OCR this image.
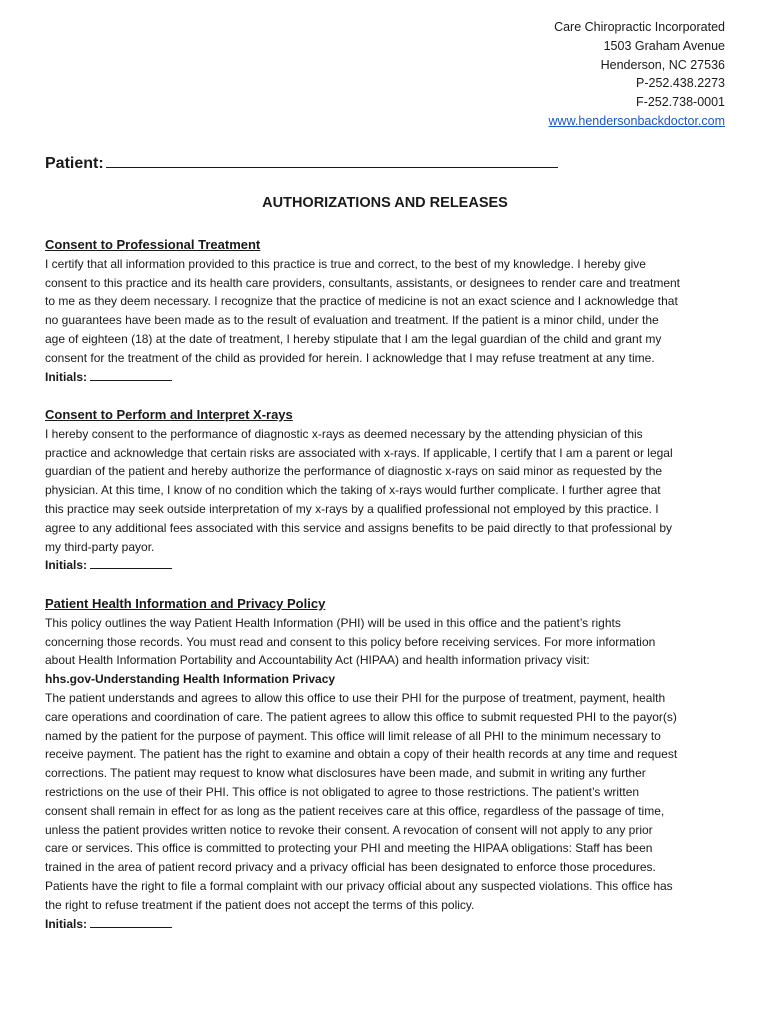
Care Chiropractic Incorporated
1503 Graham Avenue
Henderson, NC 27536
P-252.438.2273
F-252.738-0001
www.hendersonbackdoctor.com
Patient:
AUTHORIZATIONS AND RELEASES
Consent to Professional Treatment

I certify that all information provided to this practice is true and correct, to the best of my knowledge. I hereby give

consent to this practice and its health care providers, consultants, assistants, or designees to render care and treatment

to me as they deem necessary. I recognize that the practice of medicine is not an exact science and I acknowledge that

no guarantees have been made as to the result of evaluation and treatment. If the patient is a minor child, under the

age of eighteen (18) at the date of treatment, I hereby stipulate that I am the legal guardian of the child and grant my

consent for the treatment of the child as provided for herein. I acknowledge that I may refuse treatment at any time.

Initials:
Consent to Perform and Interpret X-rays

I hereby consent to the performance of diagnostic x-rays as deemed necessary by the attending physician of this

practice and acknowledge that certain risks are associated with x-rays. If applicable, I certify that I am a parent or legal

guardian of the patient and hereby authorize the performance of diagnostic x-rays on said minor as requested by the

physician. At this time, I know of no condition which the taking of x-rays would further complicate. I further agree that

this practice may seek outside interpretation of my x-rays by a qualified professional not employed by this practice. I

agree to any additional fees associated with this service and assigns benefits to be paid directly to that professional by

my third-party payor.

Initials:
Patient Health Information and Privacy Policy

This policy outlines the way Patient Health Information (PHI) will be used in this office and the patient’s rights

concerning those records. You must read and consent to this policy before receiving services. For more information

about Health Information Portability and Accountability Act (HIPAA) and health information privacy visit:

hhs.gov-Understanding Health Information Privacy

The patient understands and agrees to allow this office to use their PHI for the purpose of treatment, payment, health

care operations and coordination of care. The patient agrees to allow this office to submit requested PHI to the payor(s)

named by the patient for the purpose of payment. This office will limit release of all PHI to the minimum necessary to

receive payment. The patient has the right to examine and obtain a copy of their health records at any time and request

corrections. The patient may request to know what disclosures have been made, and submit in writing any further

restrictions on the use of their PHI. This office is not obligated to agree to those restrictions. The patient’s written

consent shall remain in effect for as long as the patient receives care at this office, regardless of the passage of time,

unless the patient provides written notice to revoke their consent. A revocation of consent will not apply to any prior

care or services. This office is committed to protecting your PHI and meeting the HIPAA obligations: Staff has been

trained in the area of patient record privacy and a privacy official has been designated to enforce those procedures.

Patients have the right to file a formal complaint with our privacy official about any suspected violations. This office has

the right to refuse treatment if the patient does not accept the terms of this policy.

Initials:
